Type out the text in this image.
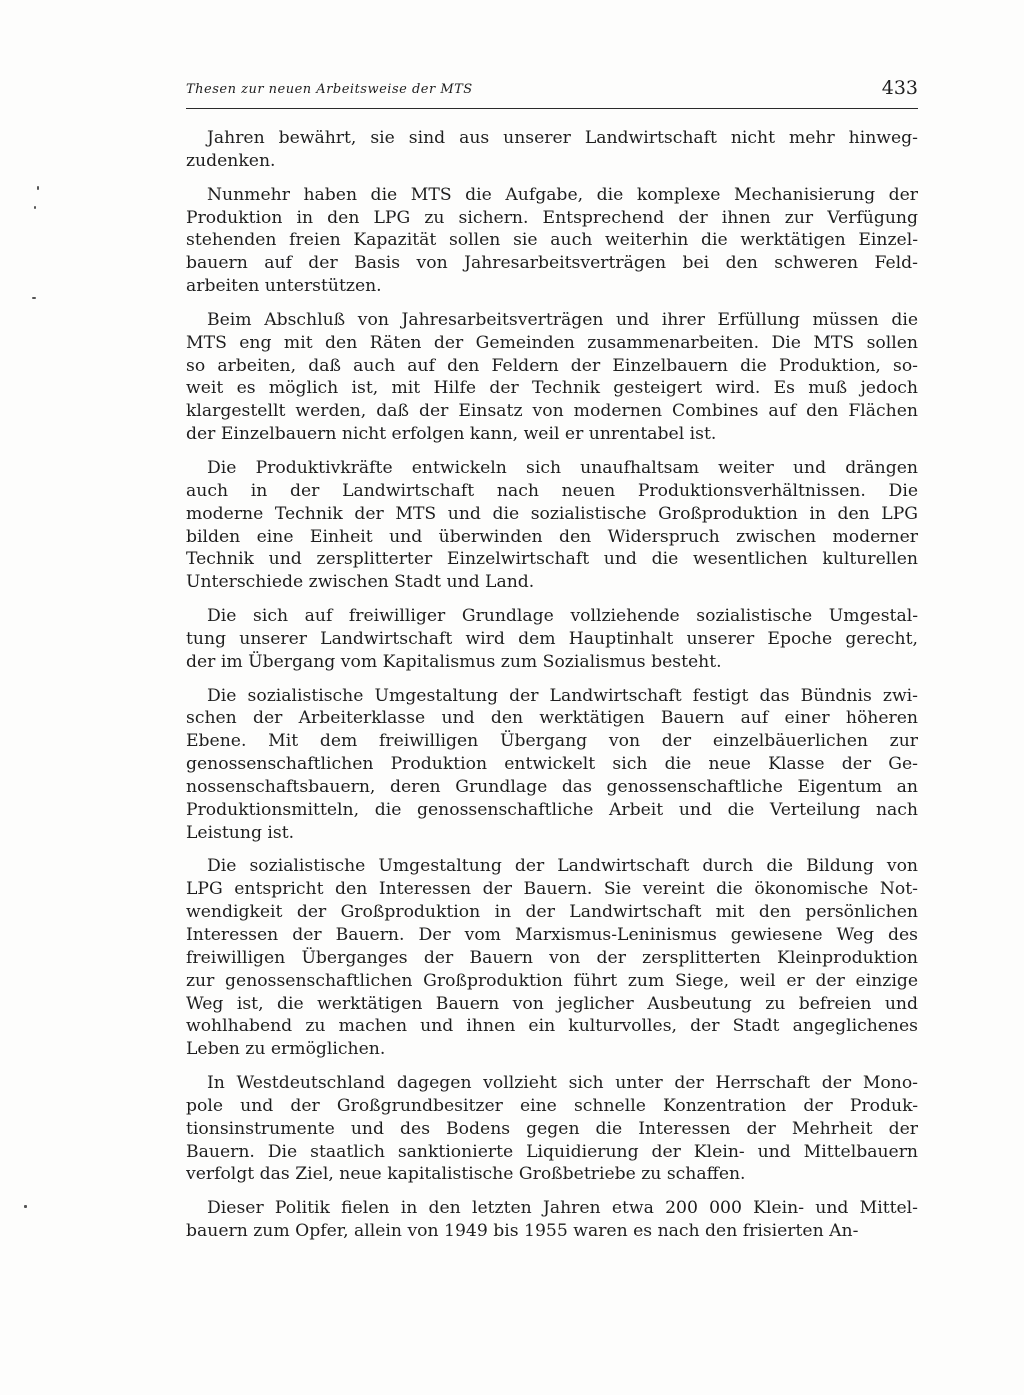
Thesen zur neuen Arbeitsweise der MTS	433
Jahren bewährt, sie sind aus unserer Landwirtschaft nicht mehr hinweg-
zudenken.
Nunmehr haben die MTS die Aufgabe, die komplexe Mechanisierung der
Produktion in den LPG zu sichern. Entsprechend der ihnen zur Verfügung
stehenden freien Kapazität sollen sie auch weiterhin die werktätigen Einzel-
bauern auf der Basis von Jahresarbeitsverträgen bei den schweren Feld-
arbeiten unterstützen.
Beim Abschluß von Jahresarbeitsverträgen und ihrer Erfüllung müssen die
MTS eng mit den Räten der Gemeinden zusammenarbeiten. Die MTS sollen
so arbeiten, daß auch auf den Feldern der Einzelbauern die Produktion, so-
weit es möglich ist, mit Hilfe der Technik gesteigert wird. Es muß jedoch
klargestellt werden, daß der Einsatz von modernen Combines auf den Flächen
der Einzelbauern nicht erfolgen kann, weil er unrentabel ist.
Die Produktivkräfte entwickeln sich unaufhaltsam weiter und drängen
auch in der Landwirtschaft nach neuen Produktionsverhältnissen. Die
moderne Technik der MTS und die sozialistische Großproduktion in den LPG
bilden eine Einheit und überwinden den Widerspruch zwischen moderner
Technik und zersplitterter Einzelwirtschaft und die wesentlichen kulturellen
Unterschiede zwischen Stadt und Land.
Die sich auf freiwilliger Grundlage vollziehende sozialistische Umgestal-
tung unserer Landwirtschaft wird dem Hauptinhalt unserer Epoche gerecht,
der im Übergang vom Kapitalismus zum Sozialismus besteht.
Die sozialistische Umgestaltung der Landwirtschaft festigt das Bündnis zwi-
schen der Arbeiterklasse und den werktätigen Bauern auf einer höheren
Ebene. Mit dem freiwilligen Übergang von der einzelbäuerlichen zur
genossenschaftlichen Produktion entwickelt sich die neue Klasse der Ge-
nossenschaftsbauern, deren Grundlage das genossenschaftliche Eigentum an
Produktionsmitteln, die genossenschaftliche Arbeit und die Verteilung nach
Leistung ist.
Die sozialistische Umgestaltung der Landwirtschaft durch die Bildung von
LPG entspricht den Interessen der Bauern. Sie vereint die ökonomische Not-
wendigkeit der Großproduktion in der Landwirtschaft mit den persönlichen
Interessen der Bauern. Der vom Marxismus-Leninismus gewiesene Weg des
freiwilligen Überganges der Bauern von der zersplitterten Kleinproduktion
zur genossenschaftlichen Großproduktion führt zum Siege, weil er der einzige
Weg ist, die werktätigen Bauern von jeglicher Ausbeutung zu befreien und
wohlhabend zu machen und ihnen ein kulturvolles, der Stadt angeglichenes
Leben zu ermöglichen.
In Westdeutschland dagegen vollzieht sich unter der Herrschaft der Mono-
pole und der Großgrundbesitzer eine schnelle Konzentration der Produk-
tionsinstrumente und des Bodens gegen die Interessen der Mehrheit der
Bauern. Die staatlich sanktionierte Liquidierung der Klein- und Mittelbauern
verfolgt das Ziel, neue kapitalistische Großbetriebe zu schaffen.
Dieser Politik fielen in den letzten Jahren etwa 200 000 Klein- und Mittel-
bauern zum Opfer, allein von 1949 bis 1955 waren es nach den frisierten An-
